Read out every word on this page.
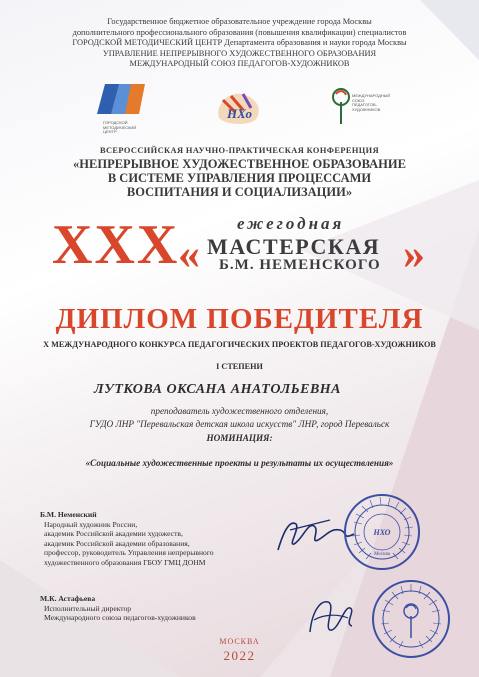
Государственное бюджетное образовательное учреждение города Москвы
дополнительного профессионального образования (повышения квалификации) специалистов
ГОРОДСКОЙ МЕТОДИЧЕСКИЙ ЦЕНТР Департамента образования и науки города Москвы
УПРАВЛЕНИЕ НЕПРЕРЫВНОГО ХУДОЖЕСТВЕННОГО ОБРАЗОВАНИЯ
МЕЖДУНАРОДНЫЙ СОЮЗ ПЕДАГОГОВ-ХУДОЖНИКОВ
ГОРОДСКОЙ
МЕТОДИЧЕСКИЙ
ЦЕНТР
НХо
МЕЖДУНАРОДНЫЙ
СОЮЗ
ПЕДАГОГОВ-
ХУДОЖНИКОВ
ВСЕРОССИЙСКАЯ НАУЧНО-ПРАКТИЧЕСКАЯ КОНФЕРЕНЦИЯ
«НЕПРЕРЫВНОЕ ХУДОЖЕСТВЕННОЕ ОБРАЗОВАНИЕ
В СИСТЕМЕ УПРАВЛЕНИЯ ПРОЦЕССАМИ
ВОСПИТАНИЯ И СОЦИАЛИЗАЦИИ»
XXX
«
ежегодная
МАСТЕРСКАЯ
Б.М. НЕМЕНСКОГО »
ДИПЛОМ ПОБЕДИТЕЛЯ
X МЕЖДУНАРОДНОГО КОНКУРСА ПЕДАГОГИЧЕСКИХ ПРОЕКТОВ ПЕДАГОГОВ-ХУДОЖНИКОВ
I СТЕПЕНИ
ЛУТКОВА ОКСАНА АНАТОЛЬЕВНА
преподаватель художественного отделения,
ГУДО ЛНР "Перевальская детская школа искусств" ЛНР, город Перевальск
НОМИНАЦИЯ:
«Социальные художественные проекты и результаты их осуществления»
Б.М. Неменский
Народный художник России,
академик Российской академии художеств,
академик Российской академии образования,
профессор, руководитель Управления непрерывного
художественного образования ГБОУ ГМЦ ДОНМ
М.К. Астафьева
Исполнительный директор
Международного союза педагогов-художников
НХО
Москва
МОСКВА
2022
